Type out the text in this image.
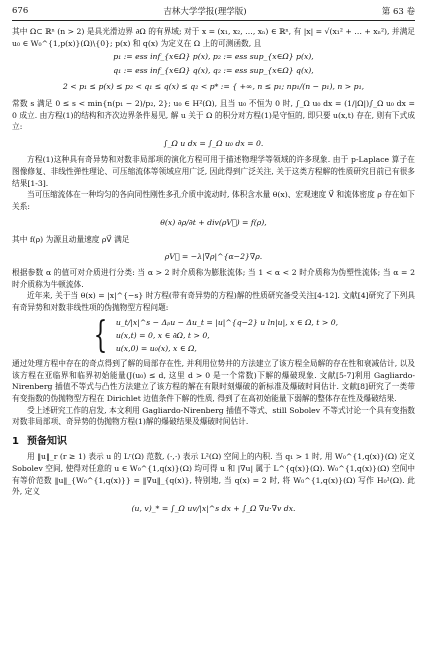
676	吉林大学学报(理学版)	第 63 卷

其中 Ω⊂ ℝⁿ (n > 2) 是具光滑边界 ∂Ω 的有界域; 对于 x = (x₁, x₂, …, xₙ) ∈ ℝⁿ, 有 |x| = √(x₁² + … + xₙ²), 并满足 u₀ ∈ W₀^{1,p(x)}(Ω)\{0}; p(x) 和 q(x) 为定义在 Ω 上的可测函数, 且

p₁ := ess inf_{x∈Ω} p(x), p₂ := ess sup_{x∈Ω} p(x),
q₁ := ess inf_{x∈Ω} q(x), q₂ := ess sup_{x∈Ω} q(x),
2 < p₁ ≤ p(x) ≤ p₂ < q₁ ≤ q(x) ≤ q₂ < p* := { +∞, n ≤ p₁; np₁/(n − p₁), n > p₁,

常数 s 满足 0 ≤ s < min{n(p₁ − 2)/p₂, 2}; u₀ ∈ H²(Ω), 且当 u₀ 不恒为 0 时, ∫_Ω u₀ dx = (1/|Ω|)∫_Ω u₀ dx = 0 成立. 由方程(1)的结构和齐次边界条件易见, 解 u 关于 Ω 的积分对方程(1)是守恒的, 即只要 u(x,t) 存在, 则有下式成立:

∫_Ω u dx = ∫_Ω u₀ dx = 0.

方程(1)这种具有奇异势和对数非局部项的演化方程可用于描述物理学等领域的许多现象. 由于 p-Laplace 算子在图像修复、非线性弹性理论、可压缩流体等领域应用广泛, 因此得到广泛关注, 关于这类方程解的性质研究目前已有很多结果[1-3].

当可压缩流体在一种均匀的各向同性刚性多孔介质中流动时, 体积含水量 θ(x)、宏观速度 V⃗ 和流体密度 ρ 存在如下关系:

θ(x) ∂ρ/∂t + div(ρV⃗) = f(ρ),

其中 f(ρ) 为源且动量速度 ρV⃗ 满足

ρV⃗ = −λ|∇ρ|^{α−2}∇ρ.

根据参数 α 的值可对介质进行分类: 当 α > 2 时介质称为膨胀流体; 当 1 < α < 2 时介质称为伪塑性流体; 当 α = 2 时介质称为牛顿流体.

近年来, 关于当 θ(x) = |x|^{−s} 时方程(带有奇异势的方程)解的性质研究备受关注[4-12]. 文献[4]研究了下列具有奇异势和对数非线性项的伪抛物型方程问题:

{ u_t/|x|^s − Δₚu − Δu_t = |u|^{q−2} u ln|u|, x ∈ Ω, t > 0,
u(x,t) = 0, x ∈ ∂Ω, t > 0,
u(x,0) = u₀(x), x ∈ Ω,

通过处理方程中存在的奇点得到了解的局部存在性, 并利用位势井的方法建立了该方程全局解的存在性和衰减估计, 以及该方程在亚临界和临界初始能量(J(u₀) ≤ d, 这里 d > 0 是一个常数)下解的爆破现象. 文献[5-7]利用 Gagliardo-Nirenberg 插值不等式与凸性方法建立了该方程的解在有限时刻爆破的新标准及爆破时间估计. 文献[8]研究了一类带有变指数的伪抛物型方程在 Dirichlet 边值条件下解的性质, 得到了在高初始能量下弱解的整体存在性及爆破结果.

受上述研究工作的启发, 本文利用 Gagliardo-Nirenberg 插值不等式、still Sobolev 不等式讨论一个具有变指数对数非局部项、奇异势的伪抛物方程(1)解的爆破结果及爆破时间估计.

1 预备知识

用 ‖u‖_r (r ≥ 1) 表示 u 的 Lʳ(Ω) 范数, (·,·) 表示 L²(Ω) 空间上的内积. 当 q₁ > 1 时, 用 W₀^{1,q(x)}(Ω) 定义 Sobolev 空间, 使得对任意的 u ∈ W₀^{1,q(x)}(Ω) 均可得 u 和 |∇u| 属于 L^{q(x)}(Ω). W₀^{1,q(x)}(Ω) 空间中有等价范数 ‖u‖_{W₀^{1,q(x)}} = ‖∇u‖_{q(x)}, 特别地, 当 q(x) = 2 时, 将 W₀^{1,q(x)}(Ω) 写作 H₀¹(Ω). 此外, 定义

(u, v)_* = ∫_Ω uv/|x|^s dx + ∫_Ω ∇u·∇v dx.
